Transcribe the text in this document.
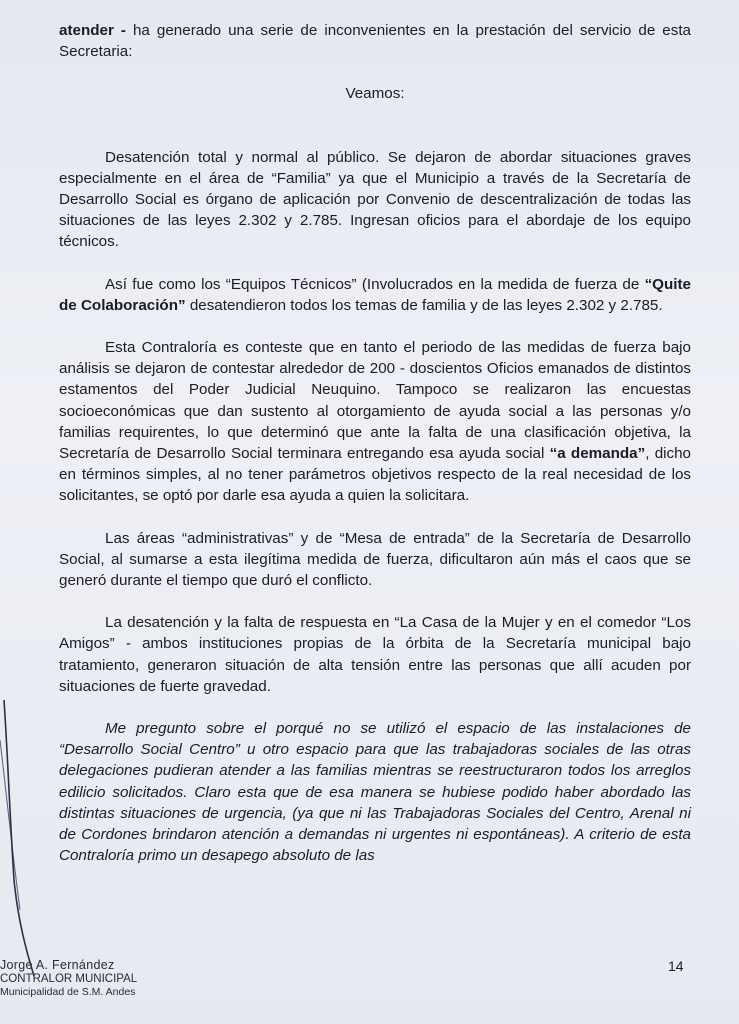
atender - ha generado una serie de inconvenientes en la prestación del servicio de esta Secretaria:

Veamos:

Desatención total y normal al público. Se dejaron de abordar situaciones graves especialmente en el área de “Familia” ya que el Municipio a través de la Secretaría de Desarrollo Social es órgano de aplicación por Convenio de descentralización de todas las situaciones de las leyes 2.302 y 2.785. Ingresan oficios para el abordaje de los equipo técnicos.

Así fue como los “Equipos Técnicos” (Involucrados en la medida de fuerza de “Quite de Colaboración” desatendieron todos los temas de familia y de las leyes 2.302 y 2.785.

Esta Contraloría es conteste que en tanto el periodo de las medidas de fuerza bajo análisis se dejaron de contestar alrededor de 200 - doscientos Oficios emanados de distintos estamentos del Poder Judicial Neuquino. Tampoco se realizaron las encuestas socioeconómicas que dan sustento al otorgamiento de ayuda social a las personas y/o familias requirentes, lo que determinó que ante la falta de una clasificación objetiva, la Secretaría de Desarrollo Social terminara entregando esa ayuda social “a demanda”, dicho en términos simples, al no tener parámetros objetivos respecto de la real necesidad de los solicitantes, se optó por darle esa ayuda a quien la solicitara.

Las áreas “administrativas” y de “Mesa de entrada” de la Secretaría de Desarrollo Social, al sumarse a esta ilegítima medida de fuerza, dificultaron aún más el caos que se generó durante el tiempo que duró el conflicto.

La desatención y la falta de respuesta en “La Casa de la Mujer y en el comedor “Los Amigos” - ambos instituciones propias de la órbita de la Secretaría municipal bajo tratamiento, generaron situación de alta tensión entre las personas que allí acuden por situaciones de fuerte gravedad.

Me pregunto sobre el porqué no se utilizó el espacio de las instalaciones de “Desarrollo Social Centro” u otro espacio para que las trabajadoras sociales de las otras delegaciones pudieran atender a las familias mientras se reestructuraron todos los arreglos edilicio solicitados. Claro esta que de esa manera se hubiese podido haber abordado las distintas situaciones de urgencia, (ya que ni las Trabajadoras Sociales del Centro, Arenal ni de Cordones brindaron atención a demandas ni urgentes ni espontáneas). A criterio de esta Contraloría primo un desapego absoluto de las

Jorge A. Fernández
CONTRALOR MUNICIPAL
Municipalidad de S.M. Andes
14
